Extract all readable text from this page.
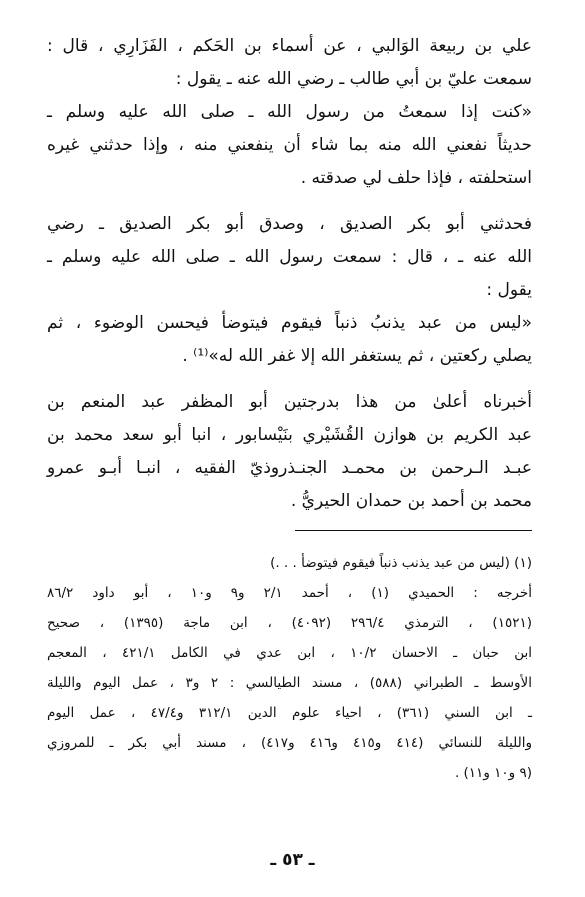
علي بن ربيعة الوَالبي ، عن أسماء بن الحَكم ، الفَزَارِي ، قال :
سمعت عليّ بن أبي طالب ـ رضي الله عنه ـ يقول :
«كنت إذا سمعتُ من رسول الله ـ صلى الله عليه وسلم ـ
حديثاً نفعني الله منه بما شاء أن ينفعني منه ، وإذا حدثني غيره
استحلفته ، فإذا حلف لي صدقته .
فحدثني أبو بكر الصديق ، وصدق أبو بكر الصديق ـ رضي
الله عنه ـ ، قال : سمعت رسول الله ـ صلى الله عليه وسلم ـ
يقول :
«ليس من عبد يذنبُ ذنباً فيقوم فيتوضأ فيحسن الوضوء ، ثم
يصلي ركعتين ، ثم يستغفر الله إلا غفر الله له»⁽¹⁾ .
أخبرناه أعلىٰ من هذا بدرجتين أبو المظفر عبد المنعم بن
عبد الكريم بن هوازن القُشَيْري بنَيْسابور ، انبا أبو سعد محمد بن
عبـد الـرحمن بن محمـد الجنـذروذيّ الفقيه ، انبـا أبـو عمرو
محمد بن أحمد بن حمدان الحيريُّ .
(١) (ليس من عبد يذنب ذنباً فيقوم فيتوضأ . . .)
أخرجه : الحميدي (١) ، أحمد ٢/١ و٩ و١٠ ، أبو داود ٨٦/٢
(١٥٢١) ، الترمذي ٢٩٦/٤ (٤٠٩٢) ، ابن ماجة (١٣٩٥) ، صحيح
ابن حبان ـ الاحسان ١٠/٢ ، ابن عدي في الكامل ٤٢١/١ ، المعجم
الأوسط ـ الطبراني (٥٨٨) ، مسند الطيالسي : ٢ و٣ ، عمل اليوم والليلة
ـ ابن السني (٣٦١) ، احياء علوم الدين ٣١٢/١ و٤٧/٤ ، عمل اليوم
والليلة للنسائي (٤١٤ و٤١٥ و٤١٦ و٤١٧) ، مسند أبي بكر ـ للمروزي
(٩ و١٠ و١١) .
ـ ٥٣ ـ
